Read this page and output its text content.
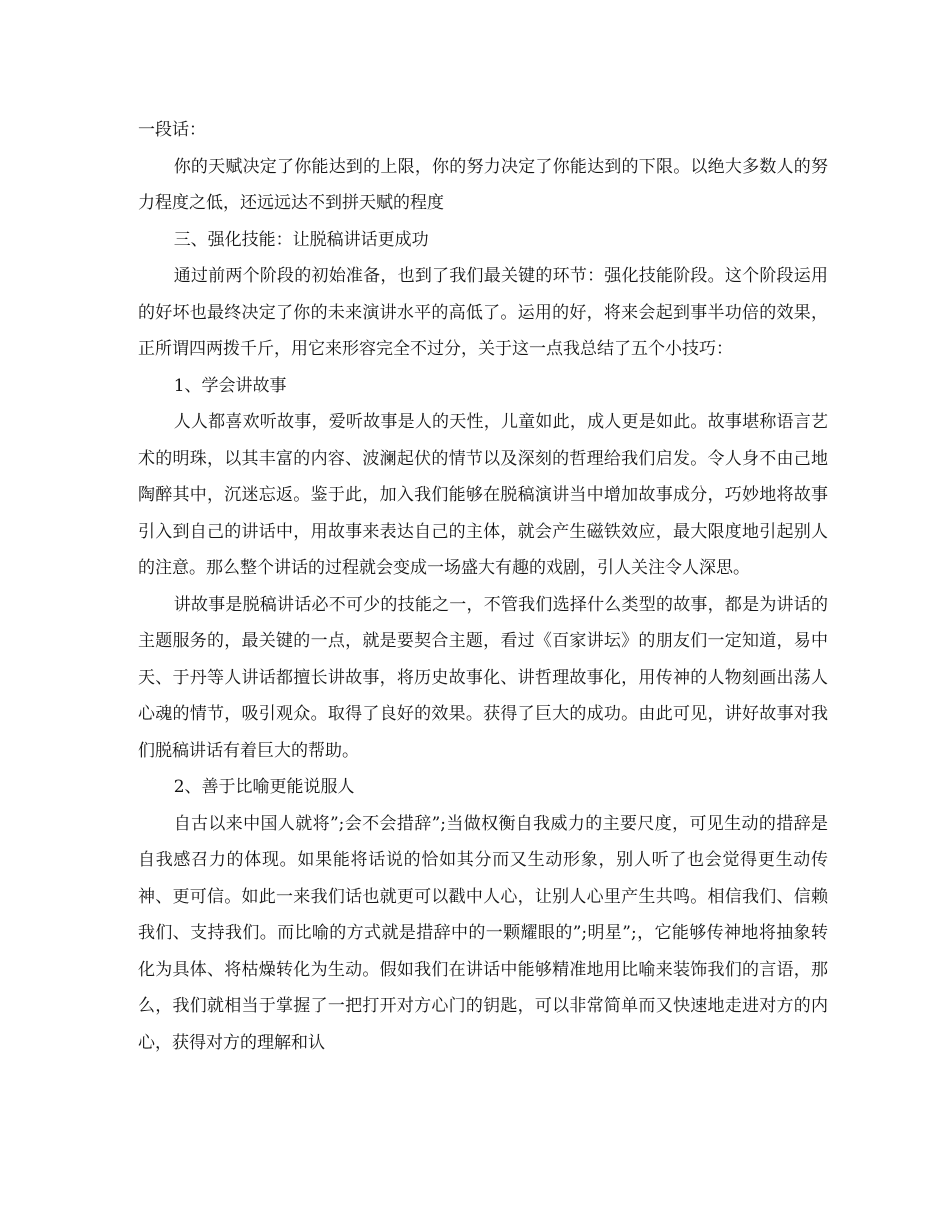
一段话：

你的天赋决定了你能达到的上限，你的努力决定了你能达到的下限。以绝大多数人的努力程度之低，还远远达不到拼天赋的程度

三、强化技能：让脱稿讲话更成功

通过前两个阶段的初始准备，也到了我们最关键的环节：强化技能阶段。这个阶段运用的好坏也最终决定了你的未来演讲水平的高低了。运用的好，将来会起到事半功倍的效果，正所谓四两拨千斤，用它来形容完全不过分，关于这一点我总结了五个小技巧：

1、学会讲故事

人人都喜欢听故事，爱听故事是人的天性，儿童如此，成人更是如此。故事堪称语言艺术的明珠，以其丰富的内容、波澜起伏的情节以及深刻的哲理给我们启发。令人身不由己地陶醉其中，沉迷忘返。鉴于此，加入我们能够在脱稿演讲当中增加故事成分，巧妙地将故事引入到自己的讲话中，用故事来表达自己的主体，就会产生磁铁效应，最大限度地引起别人的注意。那么整个讲话的过程就会变成一场盛大有趣的戏剧，引人关注令人深思。

讲故事是脱稿讲话必不可少的技能之一，不管我们选择什么类型的故事，都是为讲话的主题服务的，最关键的一点，就是要契合主题，看过《百家讲坛》的朋友们一定知道，易中天、于丹等人讲话都擅长讲故事，将历史故事化、讲哲理故事化，用传神的人物刻画出荡人心魂的情节，吸引观众。取得了良好的效果。获得了巨大的成功。由此可见，讲好故事对我们脱稿讲话有着巨大的帮助。

2、善于比喻更能说服人

自古以来中国人就将”;会不会措辞”;当做权衡自我威力的主要尺度，可见生动的措辞是自我感召力的体现。如果能将话说的恰如其分而又生动形象，别人听了也会觉得更生动传神、更可信。如此一来我们话也就更可以戳中人心，让别人心里产生共鸣。相信我们、信赖我们、支持我们。而比喻的方式就是措辞中的一颗耀眼的”;明星”;，它能够传神地将抽象转化为具体、将枯燥转化为生动。假如我们在讲话中能够精准地用比喻来装饰我们的言语，那么，我们就相当于掌握了一把打开对方心门的钥匙，可以非常简单而又快速地走进对方的内心，获得对方的理解和认
